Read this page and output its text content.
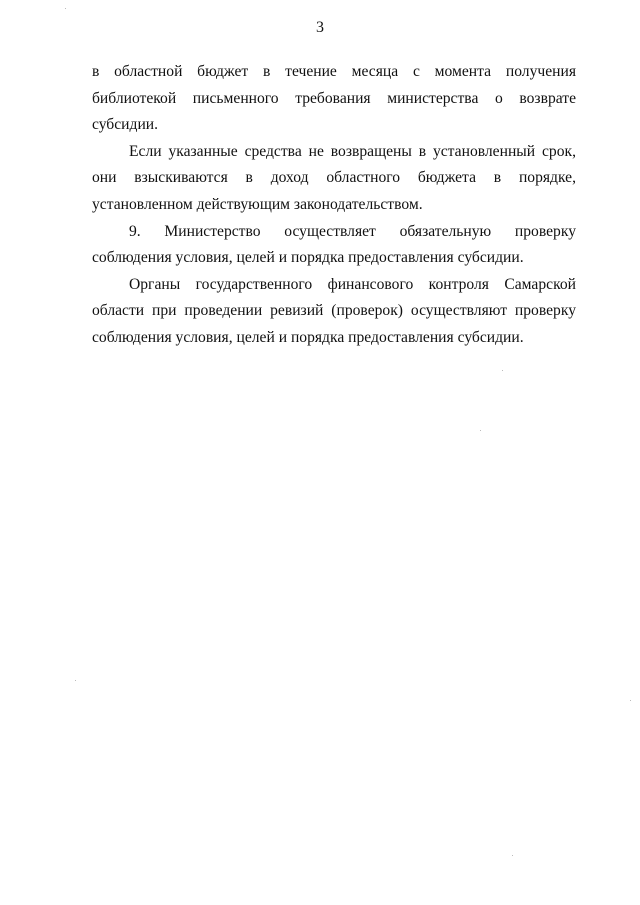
3

в областной бюджет в течение месяца с момента получения библиотекой письменного требования министерства о возврате субсидии.

Если указанные средства не возвращены в установленный срок, они взыскиваются в доход областного бюджета в порядке, установленном действующим законодательством.

9. Министерство осуществляет обязательную проверку соблюдения условия, целей и порядка предоставления субсидии.

Органы государственного финансового контроля Самарской области при проведении ревизий (проверок) осуществляют проверку соблюдения условия, целей и порядка предоставления субсидии.
